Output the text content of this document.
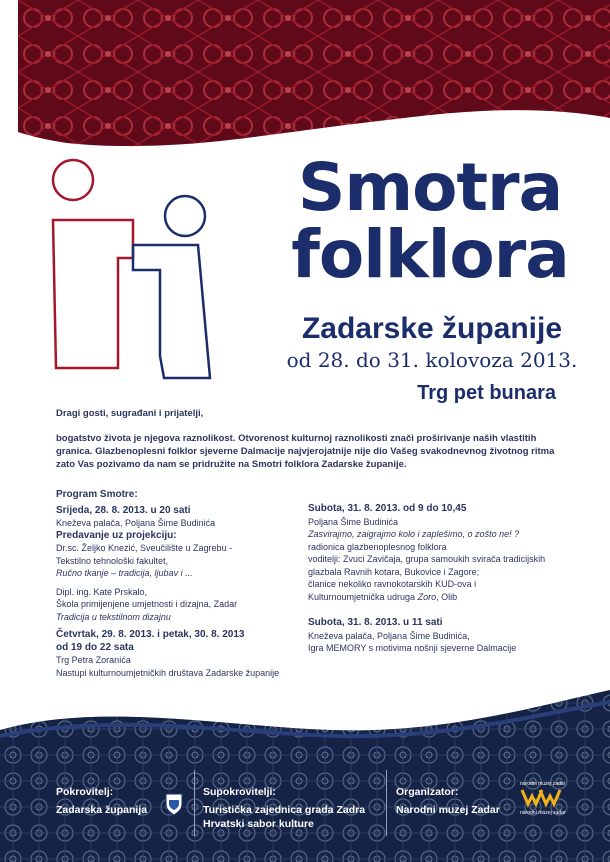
Smotra
folklora
Zadarske županije
od 28. do 31. kolovoza 2013.
Trg pet bunara
Dragi gosti, sugrađani i prijatelji,
bogatstvo života je njegova raznolikost. Otvorenost kulturnoj raznolikosti znači proširivanje naših vlastitih
granica. Glazbenoplesni folklor sjeverne Dalmacije najvjerojatnije nije dio Vašeg svakodnevnog životnog ritma
zato Vas pozivamo da nam se pridružite na Smotri folklora Zadarske županije.
Program Smotre:
Srijeda, 28. 8. 2013. u 20 sati
Kneževa palača, Poljana Šime Budinića
Predavanje uz projekciju:
Dr.sc. Željko Knezić, Sveučilište u Zagrebu -
Tekstilno tehnološki fakultet,
Ručno tkanje – tradicija, ljubav i ...
Dipl. ing. Kate Prskalo,
Škola primijenjene umjetnosti i dizajna, Zadar
Tradicija u tekstilnom dizajnu
Četvrtak, 29. 8. 2013. i petak, 30. 8. 2013
od 19 do 22 sata
Trg Petra Zoranića
Nastupi kulturnoumjetničkih društava Zadarske županije
Subota, 31. 8. 2013. od 9 do 10,45
Poljana Šime Budinića
Zasvirajmo, zaigrajmo kolo i zaplešimo, o zošto ne! ?
radionica glazbenoplesnog folklora
voditelji: Zvuci Zavičaja, grupa samoukih svirača tradicijskih
glazbala Ravnih kotara, Bukovice i Zagore;
članice nekoliko ravnokotarskih KUD-ova i
Kulturnoumjetnička udruga Zoro, Olib
Subota, 31. 8. 2013. u 11 sati
Kneževa palača, Poljana Šime Budinića,
Igra MEMORY s motivima nošnji sjeverne Dalmacije
Pokrovitelj:
Zadarska županija
Supokrovitelji:
Turistička zajednica grada Zadra
Hrvatski sabor kulture
Organizator:
Narodni muzej Zadar
narodni muzej zadar
národní múzej zadar
